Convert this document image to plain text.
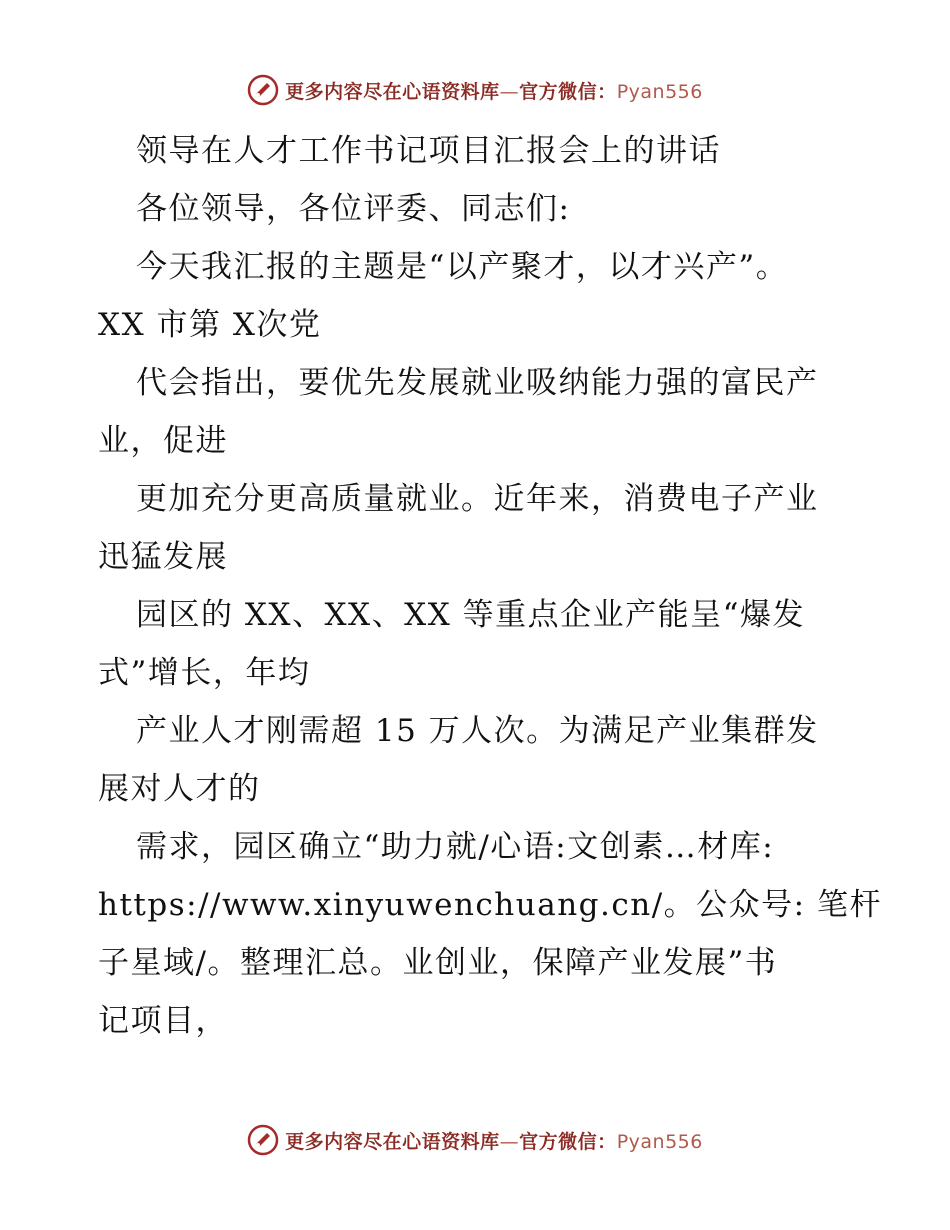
更多内容尽在心语资料库—官方微信：Pyan556
领导在人才工作书记项目汇报会上的讲话
各位领导，各位评委、同志们:
今天我汇报的主题是“以产聚才，以才兴产”。
XX 市第 X次党
代会指出，要优先发展就业吸纳能力强的富民产
业，促进
更加充分更高质量就业。近年来，消费电子产业
迅猛发展
园区的 XX、XX、XX 等重点企业产能呈“爆发
式”增长，年均
产业人才刚需超 15 万人次。为满足产业集群发
展对人才的
需求，园区确立“助力就/心语:文创素…材库:
https://www.xinyuwenchuang.cn/。公众号: 笔杆
子星域/。整理汇总。业创业，保障产业发展”书
记项目，
更多内容尽在心语资料库—官方微信：Pyan556
